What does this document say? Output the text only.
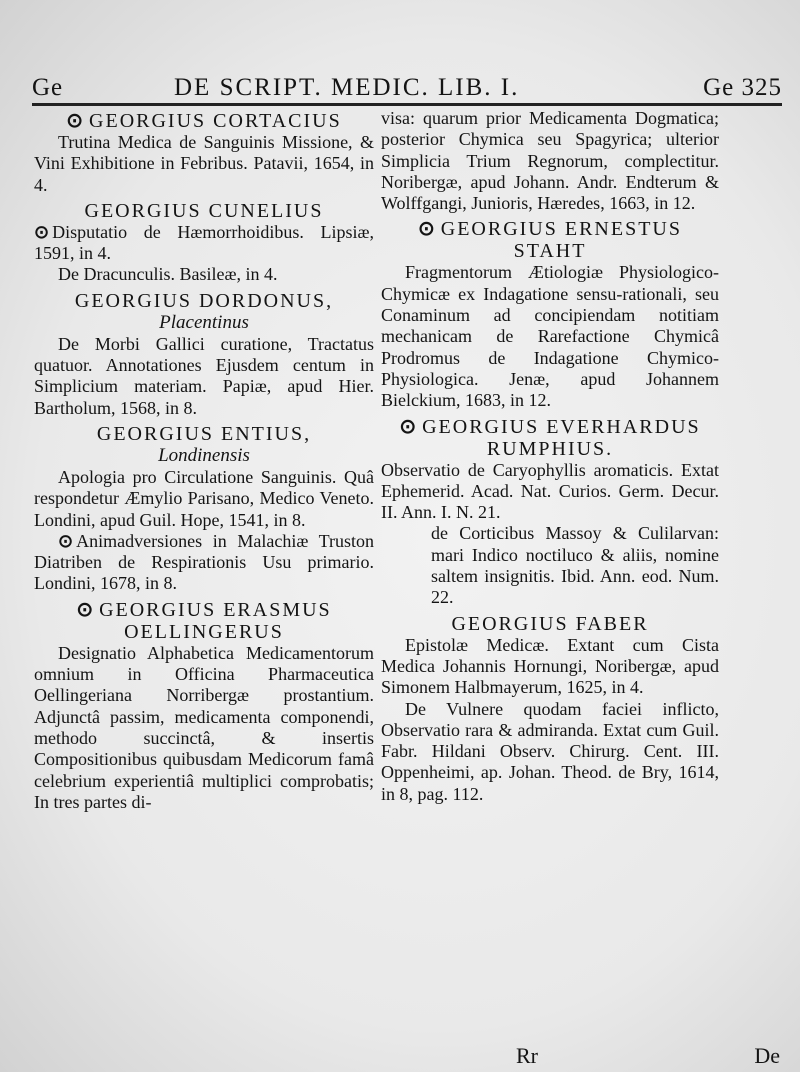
Ge	DE SCRIPT. MEDIC. LIB. I.	Ge 325
⊙ GEORGIUS CORTACIUS

Trutina Medica de Sanguinis Missione, & Vini Exhibitione in Febribus. Patavii, 1654, in 4.

GEORGIUS CUNELIUS

⊙ Disputatio de Hæmorrhoidibus. Lipsiæ, 1591, in 4.

De Dracunculis. Basileæ, in 4.

GEORGIUS DORDONUS,
Placentinus

De Morbi Gallici curatione, Tractatus quatuor. Annotationes Ejusdem centum in Simplicium materiam. Papiæ, apud Hier. Bartholum, 1568, in 8.

GEORGIUS ENTIUS,
Londinensis

Apologia pro Circulatione Sanguinis. Quâ respondetur Æmylio Parisano, Medico Veneto. Londini, apud Guil. Hope, 1541, in 8.

⊙ Animadversiones in Malachiæ Truston Diatriben de Respirationis Usu primario. Londini, 1678, in 8.

⊙ GEORGIUS ERASMUS OELLINGERUS

Designatio Alphabetica Medicamentorum omnium in Officina Pharmaceutica Oellingeriana Norribergæ prostantium. Adjunctâ passim, medicamenta componendi, methodo succinctâ, & insertis Compositionibus quibusdam Medicorum famâ celebrium experientiâ multiplici comprobatis; In tres partes di-

visa: quarum prior Medicamenta Dogmatica; posterior Chymica seu Spagyrica; ulterior Simplicia Trium Regnorum, complectitur. Noribergæ, apud Johann. Andr. Endterum & Wolffgangi, Junioris, Hæredes, 1663, in 12.

⊙ GEORGIUS ERNESTUS STAHT

Fragmentorum Ætiologiæ Physiologico-Chymicæ ex Indagatione sensu-rationali, seu Conaminum ad concipiendam notitiam mechanicam de Rarefactione Chymicâ Prodromus de Indagatione Chymico-Physiologica. Jenæ, apud Johannem Bielckium, 1683, in 12.

⊙ GEORGIUS EVERHARDUS RUMPHIUS.

Observatio de Caryophyllis aromaticis. Extat Ephemerid. Acad. Nat. Curios. Germ. Decur. II. Ann. I. N. 21.

de Corticibus Massoy & Culilarvan: mari Indico noctiluco & aliis, nomine saltem insignitis. Ibid. Ann. eod. Num. 22.

GEORGIUS FABER

Epistolæ Medicæ. Extant cum Cista Medica Johannis Hornungi, Noribergæ, apud Simonem Halbmayerum, 1625, in 4.

De Vulnere quodam faciei inflicto, Observatio rara & admiranda. Extat cum Guil. Fabr. Hildani Observ. Chirurg. Cent. III. Oppenheimi, ap. Johan. Theod. de Bry, 1614, in 8, pag. 112.

Rr	De
